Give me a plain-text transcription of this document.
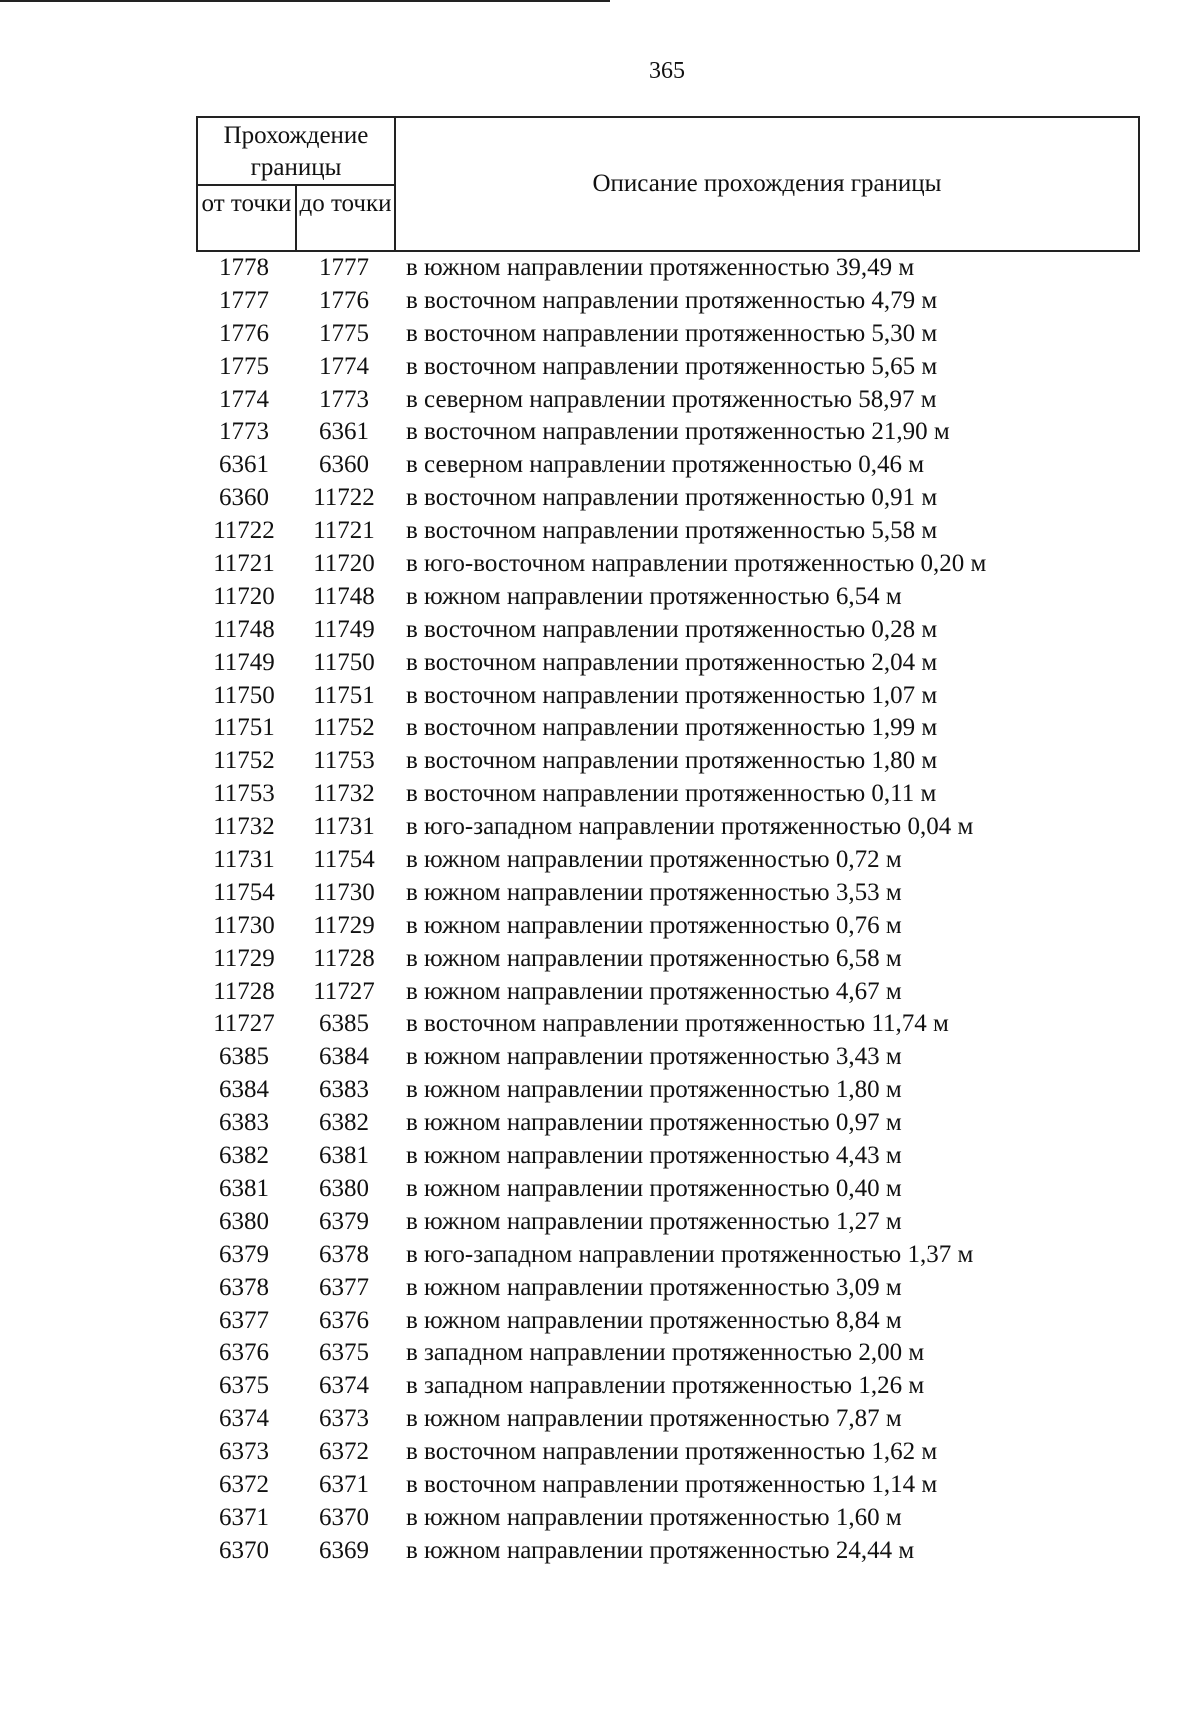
365
Прохождение границы
от точки до точки
Описание прохождения границы
1778	1777	в южном направлении протяженностью 39,49 м
1777	1776	в восточном направлении протяженностью 4,79 м
1776	1775	в восточном направлении протяженностью 5,30 м
1775	1774	в восточном направлении протяженностью 5,65 м
1774	1773	в северном направлении протяженностью 58,97 м
1773	6361	в восточном направлении протяженностью 21,90 м
6361	6360	в северном направлении протяженностью 0,46 м
6360	11722	в восточном направлении протяженностью 0,91 м
11722	11721	в восточном направлении протяженностью 5,58 м
11721	11720	в юго-восточном направлении протяженностью 0,20 м
11720	11748	в южном направлении протяженностью 6,54 м
11748	11749	в восточном направлении протяженностью 0,28 м
11749	11750	в восточном направлении протяженностью 2,04 м
11750	11751	в восточном направлении протяженностью 1,07 м
11751	11752	в восточном направлении протяженностью 1,99 м
11752	11753	в восточном направлении протяженностью 1,80 м
11753	11732	в восточном направлении протяженностью 0,11 м
11732	11731	в юго-западном направлении протяженностью 0,04 м
11731	11754	в южном направлении протяженностью 0,72 м
11754	11730	в южном направлении протяженностью 3,53 м
11730	11729	в южном направлении протяженностью 0,76 м
11729	11728	в южном направлении протяженностью 6,58 м
11728	11727	в южном направлении протяженностью 4,67 м
11727	6385	в восточном направлении протяженностью 11,74 м
6385	6384	в южном направлении протяженностью 3,43 м
6384	6383	в южном направлении протяженностью 1,80 м
6383	6382	в южном направлении протяженностью 0,97 м
6382	6381	в южном направлении протяженностью 4,43 м
6381	6380	в южном направлении протяженностью 0,40 м
6380	6379	в южном направлении протяженностью 1,27 м
6379	6378	в юго-западном направлении протяженностью 1,37 м
6378	6377	в южном направлении протяженностью 3,09 м
6377	6376	в южном направлении протяженностью 8,84 м
6376	6375	в западном направлении протяженностью 2,00 м
6375	6374	в западном направлении протяженностью 1,26 м
6374	6373	в южном направлении протяженностью 7,87 м
6373	6372	в восточном направлении протяженностью 1,62 м
6372	6371	в восточном направлении протяженностью 1,14 м
6371	6370	в южном направлении протяженностью 1,60 м
6370	6369	в южном направлении протяженностью 24,44 м
